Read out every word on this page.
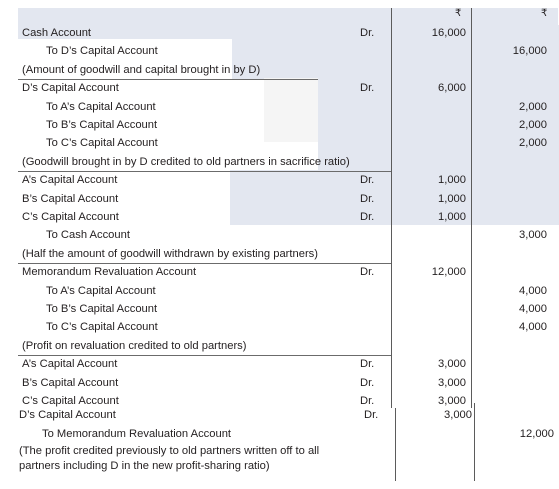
₹	₹
Cash Account	Dr.	16,000
To D’s Capital Account	16,000
(Amount of goodwill and capital brought in by D)
D’s Capital Account	Dr.	6,000
To A’s Capital Account	2,000
To B’s Capital Account	2,000
To C’s Capital Account	2,000
(Goodwill brought in by D credited to old partners in sacrifice ratio)
A’s Capital Account	Dr.	1,000
B’s Capital Account	Dr.	1,000
C’s Capital Account	Dr.	1,000
To Cash Account	3,000
(Half the amount of goodwill withdrawn by existing partners)
Memorandum Revaluation Account	Dr.	12,000
To A’s Capital Account	4,000
To B’s Capital Account	4,000
To C’s Capital Account	4,000
(Profit on revaluation credited to old partners)
A’s Capital Account	Dr.	3,000
B’s Capital Account	Dr.	3,000
C’s Capital Account	Dr.	3,000
D’s Capital Account	Dr.	3,000
To Memorandum Revaluation Account	12,000
(The profit credited previously to old partners written off to all
partners including D in the new profit-sharing ratio)
